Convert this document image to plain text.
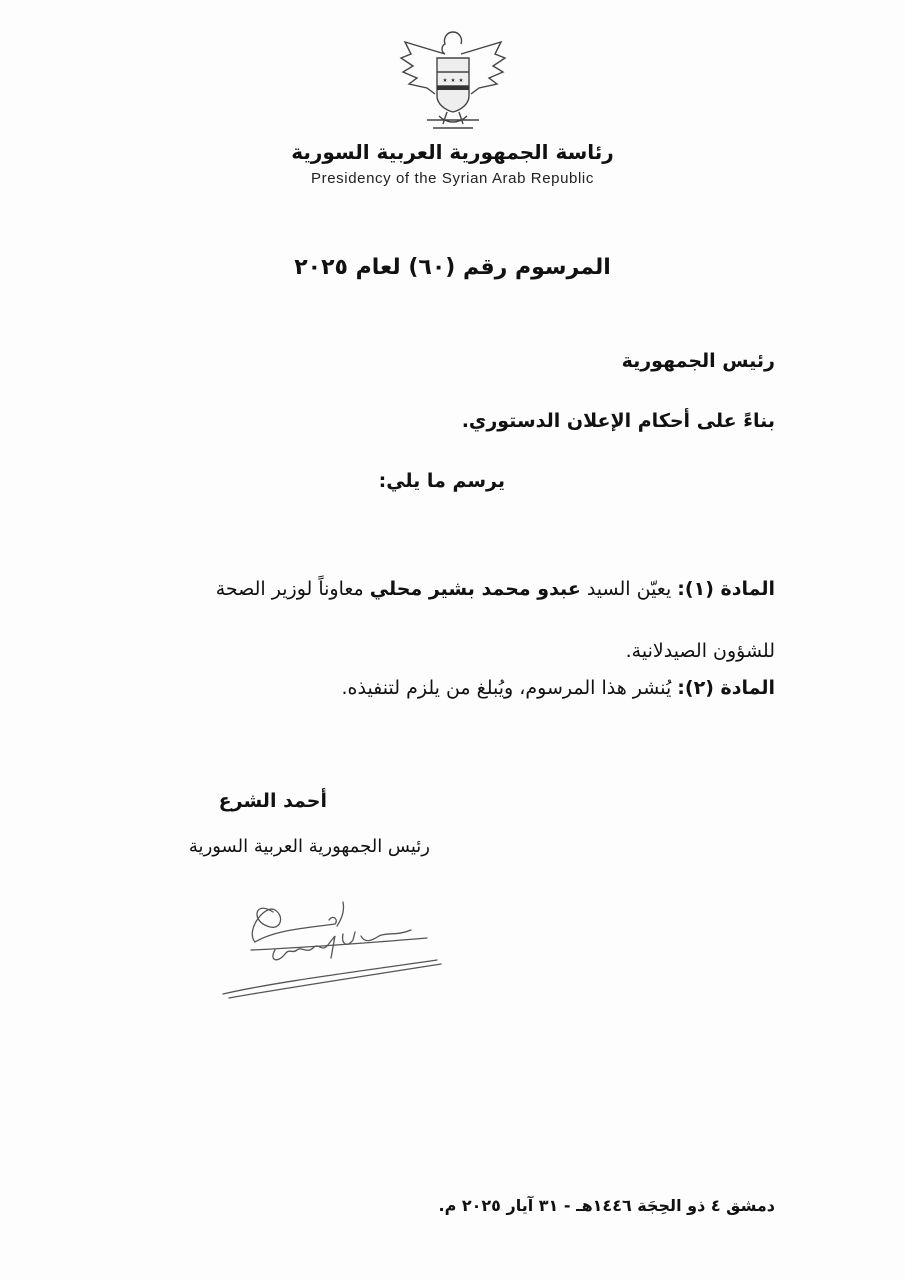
رئاسة الجمهورية العربية السورية
Presidency of the Syrian Arab Republic
المرسوم رقم (٦٠) لعام ٢٠٢٥
رئيس الجمهورية
بناءً على أحكام الإعلان الدستوري.
يرسم ما يلي:
المادة (١): يعيّن السيد عبدو محمد بشير محلي معاوناً لوزير الصحة للشؤون الصيدلانية.
المادة (٢): يُنشر هذا المرسوم، ويُبلغ من يلزم لتنفيذه.
أحمد الشرع
رئيس الجمهورية العربية السورية
دمشق ٤ ذو الحِجَة ١٤٤٦هـ - ٣١ آيار ٢٠٢٥ م.
